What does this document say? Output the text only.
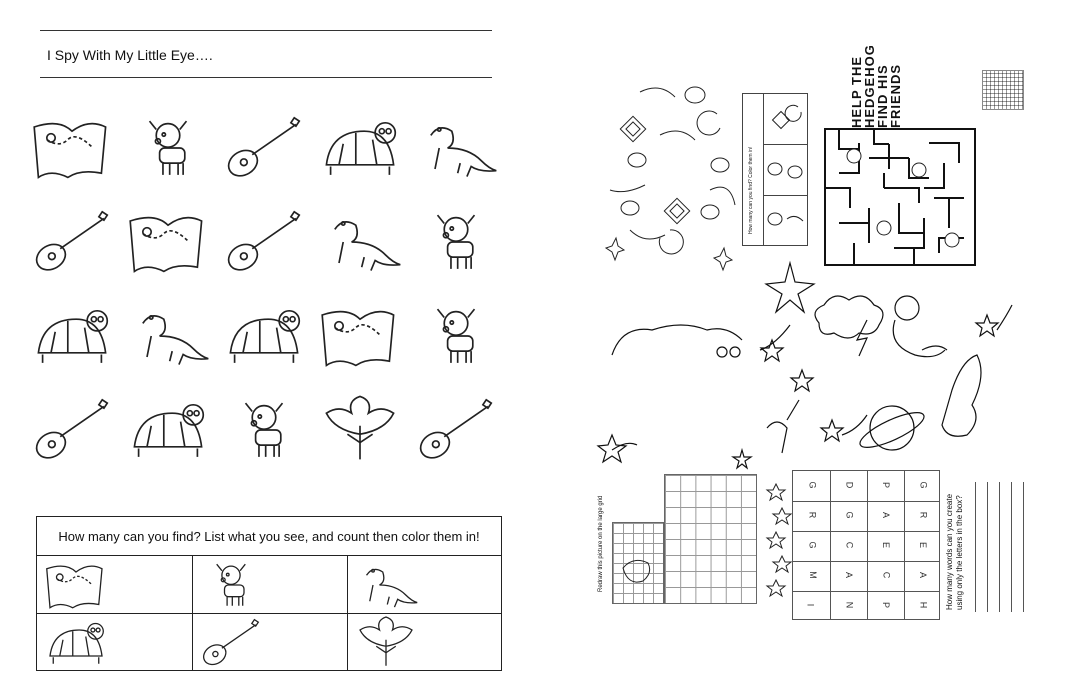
I Spy With My Little Eye….
How many can you find? List what you see, and count then color them in!
How many can you find? Color them in!
HELP THE
HEDGEHOG
FIND HIS
FRIENDS
Redraw this picture on the large grid
G	D	P	G
R	G	A	R
G	C	E	E
M	A	C	A
I	N	P	H How many words can you create using only the letters in the box?
